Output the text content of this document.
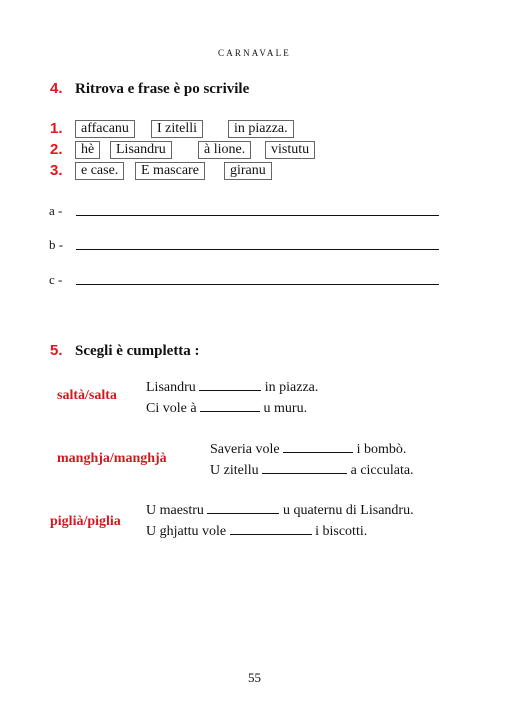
CARNAVALE
4. Ritrova e frase è po scrivile
1.	affacanu	I zitelli	in piazza.
2.	hè	Lisandru	à lione.	vistutu
3.	e case.	E mascare	giranu
a -
b -
c -
5. Scegli è cumpletta :
saltà/salta
Lisandru	in piazza.
Ci vole à	u muru.
manghja/manghjà
Saveria vole	i bombò.
U zitellu	a cicculata.
piglià/piglia
U maestru	u quaternu di Lisandru.
U ghjattu vole	i biscotti.
55
